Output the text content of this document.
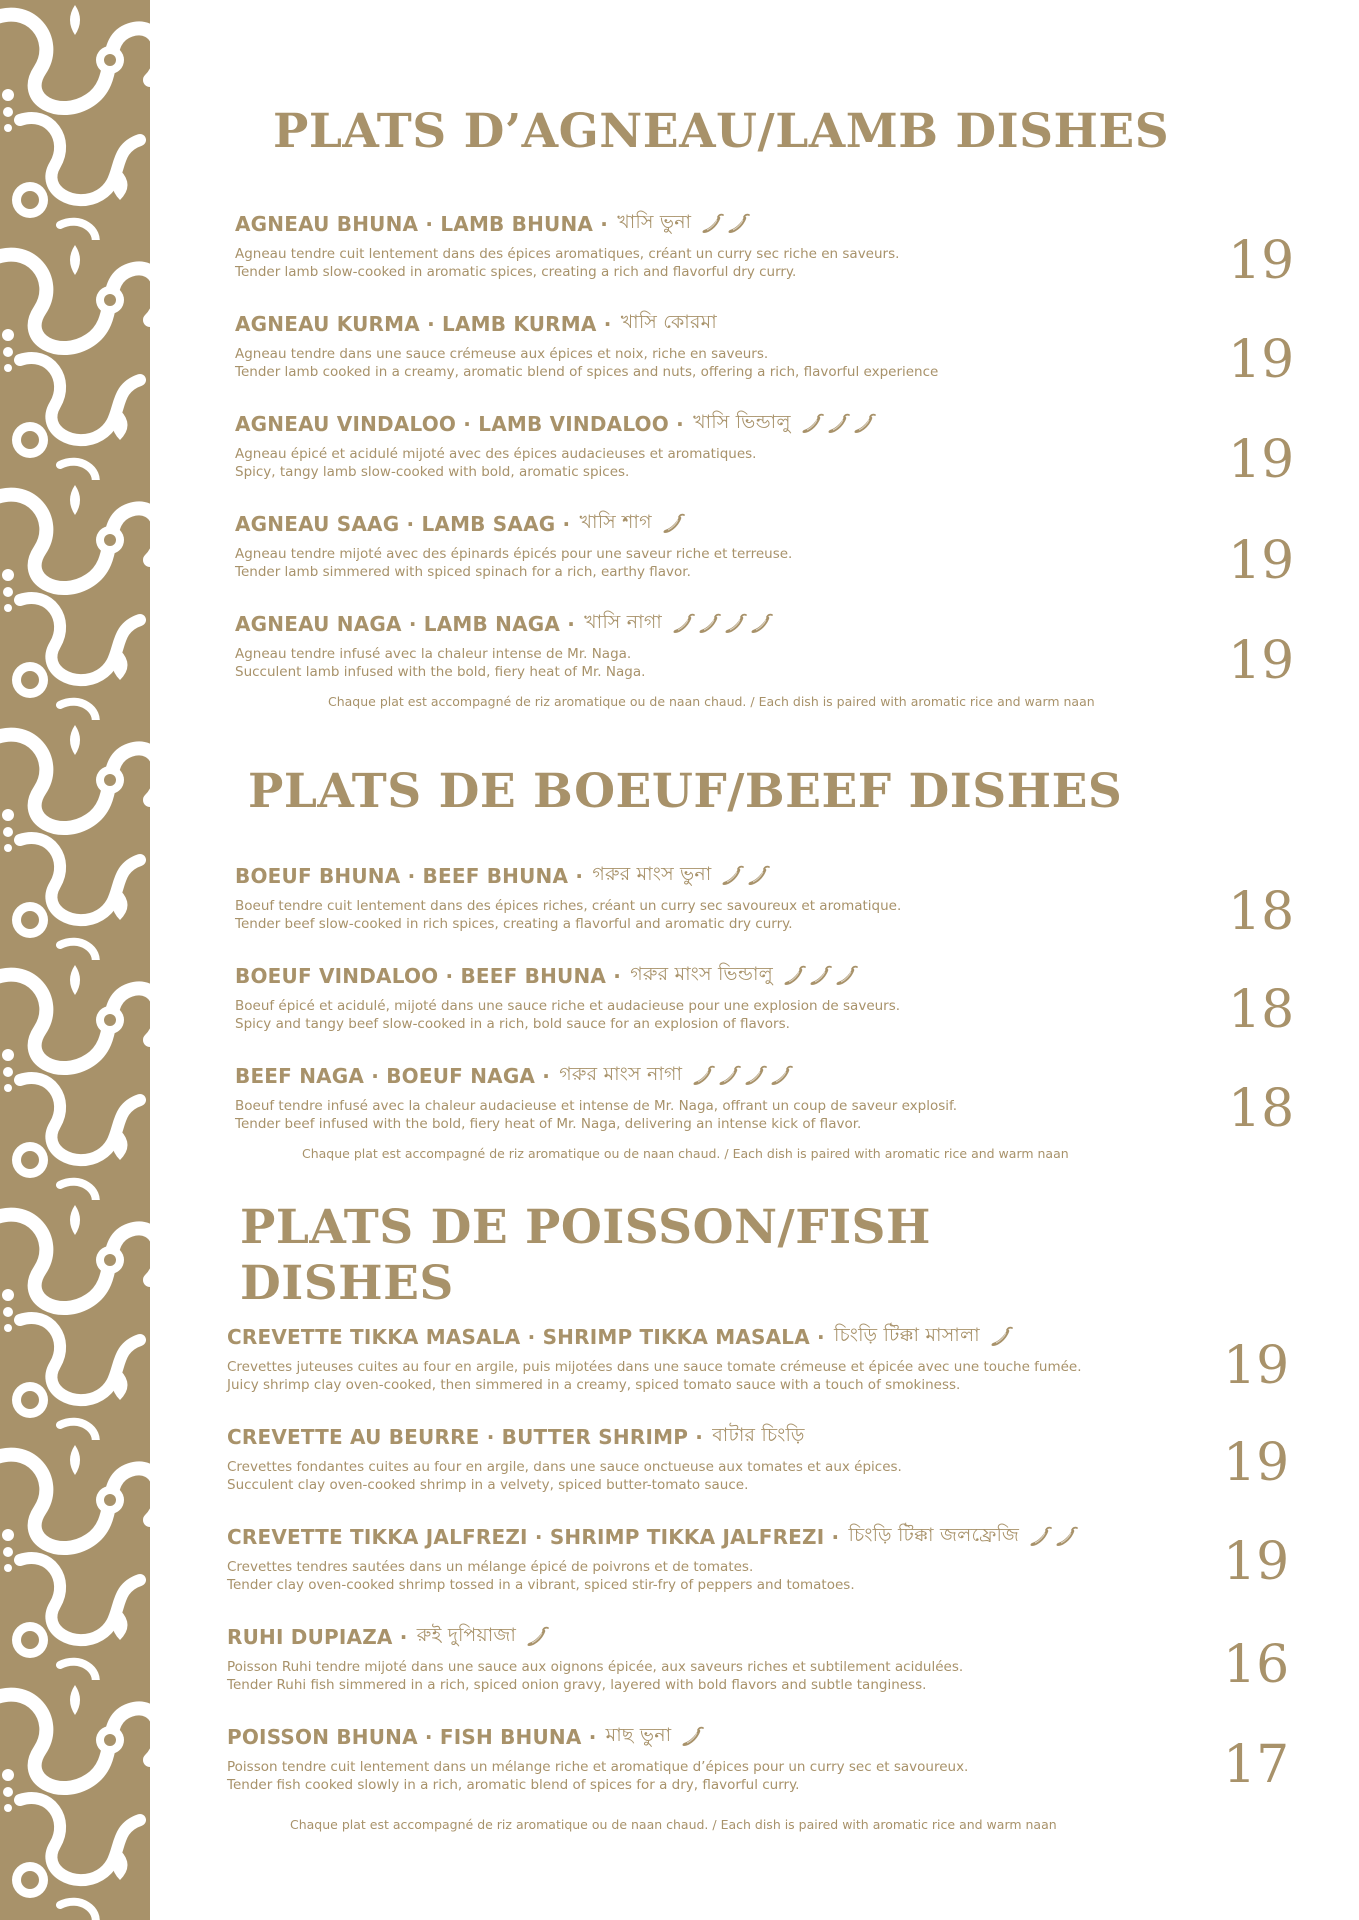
PLATS D’AGNEAU/LAMB DISHES
AGNEAU BHUNA · LAMB BHUNA ·
খাসি ভুনা
Agneau tendre cuit lentement dans des épices aromatiques, créant un curry sec riche en saveurs.
Tender lamb slow-cooked in aromatic spices, creating a rich and flavorful dry curry.	19
AGNEAU KURMA · LAMB KURMA ·
খাসি কোরমা
Agneau tendre dans une sauce crémeuse aux épices et noix, riche en saveurs.
Tender lamb cooked in a creamy, aromatic blend of spices and nuts, offering a rich, flavorful experience	19
AGNEAU VINDALOO · LAMB VINDALOO ·
খাসি ভিন্ডালু
Agneau épicé et acidulé mijoté avec des épices audacieuses et aromatiques.
Spicy, tangy lamb slow-cooked with bold, aromatic spices.	19
AGNEAU SAAG · LAMB SAAG ·
খাসি শাগ
Agneau tendre mijoté avec des épinards épicés pour une saveur riche et terreuse.
Tender lamb simmered with spiced spinach for a rich, earthy flavor.	19
AGNEAU NAGA · LAMB NAGA ·
খাসি নাগা
Agneau tendre infusé avec la chaleur intense de Mr. Naga.
Succulent lamb infused with the bold, fiery heat of Mr. Naga.	19
Chaque plat est accompagné de riz aromatique ou de naan chaud. / Each dish is paired with aromatic rice and warm naan
PLATS DE BOEUF/BEEF DISHES
BOEUF BHUNA · BEEF BHUNA ·
গরুর মাংস ভুনা
Boeuf tendre cuit lentement dans des épices riches, créant un curry sec savoureux et aromatique.
Tender beef slow-cooked in rich spices, creating a flavorful and aromatic dry curry.	18
BOEUF VINDALOO · BEEF BHUNA ·
গরুর মাংস ভিন্ডালু
Boeuf épicé et acidulé, mijoté dans une sauce riche et audacieuse pour une explosion de saveurs.
Spicy and tangy beef slow-cooked in a rich, bold sauce for an explosion of flavors.	18
BEEF NAGA · BOEUF NAGA ·
গরুর মাংস নাগা
Boeuf tendre infusé avec la chaleur audacieuse et intense de Mr. Naga, offrant un coup de saveur explosif.
Tender beef infused with the bold, fiery heat of Mr. Naga, delivering an intense kick of flavor.	18
Chaque plat est accompagné de riz aromatique ou de naan chaud. / Each dish is paired with aromatic rice and warm naan
PLATS DE POISSON/FISH
DISHES
CREVETTE TIKKA MASALA · SHRIMP TIKKA MASALA ·
চিংড়ি টিক্কা মাসালা
Crevettes juteuses cuites au four en argile, puis mijotées dans une sauce tomate crémeuse et épicée avec une touche fumée.
Juicy shrimp clay oven-cooked, then simmered in a creamy, spiced tomato sauce with a touch of smokiness.	19
CREVETTE AU BEURRE · BUTTER SHRIMP ·
বাটার চিংড়ি
Crevettes fondantes cuites au four en argile, dans une sauce onctueuse aux tomates et aux épices.
Succulent clay oven-cooked shrimp in a velvety, spiced butter-tomato sauce.	19
CREVETTE TIKKA JALFREZI · SHRIMP TIKKA JALFREZI ·
চিংড়ি টিক্কা জলফ্রেজি
Crevettes tendres sautées dans un mélange épicé de poivrons et de tomates.
Tender clay oven-cooked shrimp tossed in a vibrant, spiced stir-fry of peppers and tomatoes.	19
RUHI DUPIAZA ·
রুই দুপিয়াজা
Poisson Ruhi tendre mijoté dans une sauce aux oignons épicée, aux saveurs riches et subtilement acidulées.
Tender Ruhi fish simmered in a rich, spiced onion gravy, layered with bold flavors and subtle tanginess.	16
POISSON BHUNA · FISH BHUNA ·
মাছ ভুনা
Poisson tendre cuit lentement dans un mélange riche et aromatique d’épices pour un curry sec et savoureux.
Tender fish cooked slowly in a rich, aromatic blend of spices for a dry, flavorful curry.	17
Chaque plat est accompagné de riz aromatique ou de naan chaud. / Each dish is paired with aromatic rice and warm naan
